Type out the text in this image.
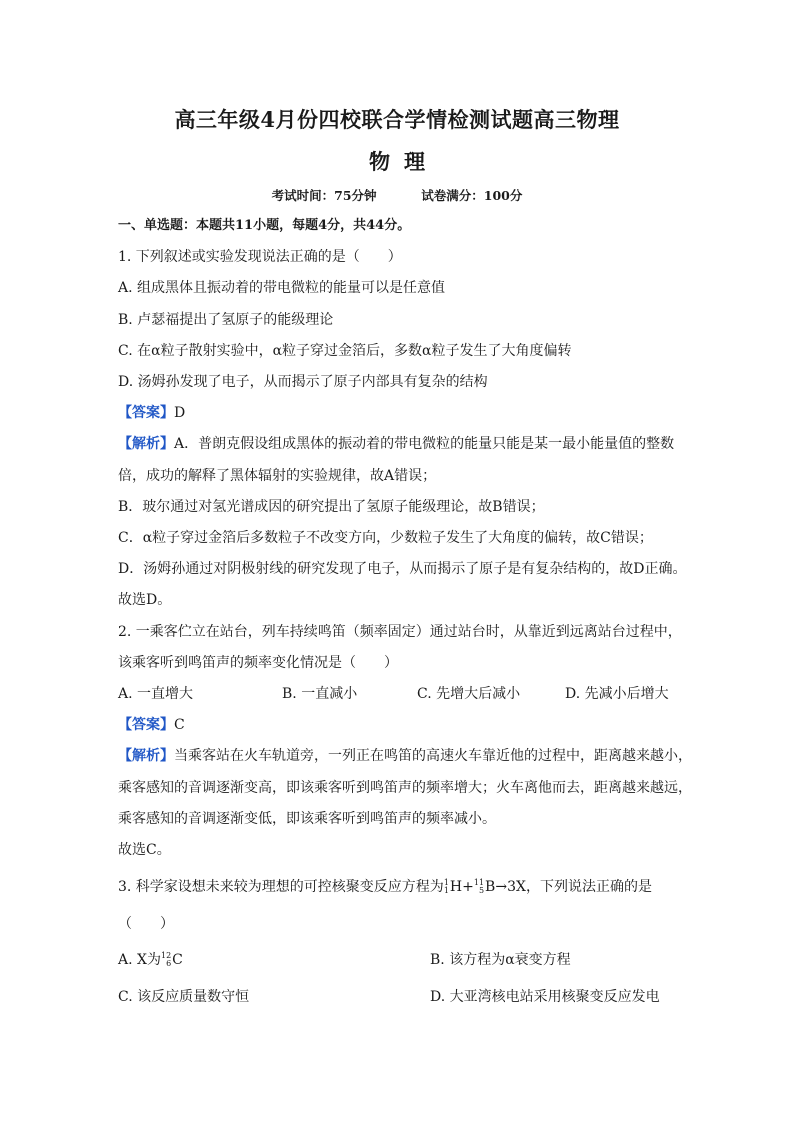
高三年级4月份四校联合学情检测试题高三物理
物理
考试时间：75分钟	试卷满分：100分
一、单选题：本题共11小题，每题4分，共44分。
1. 下列叙述或实验发现说法正确的是（　　）
A. 组成黑体且振动着的带电微粒的能量可以是任意值
B. 卢瑟福提出了氢原子的能级理论
C. 在α粒子散射实验中，α粒子穿过金箔后，多数α粒子发生了大角度偏转
D. 汤姆孙发现了电子，从而揭示了原子内部具有复杂的结构
【答案】D
【解析】A．普朗克假设组成黑体的振动着的带电微粒的能量只能是某一最小能量值的整数
倍，成功的解释了黑体辐射的实验规律，故A错误；
B．玻尔通过对氢光谱成因的研究提出了氢原子能级理论，故B错误；
C．α粒子穿过金箔后多数粒子不改变方向，少数粒子发生了大角度的偏转，故C错误；
D．汤姆孙通过对阴极射线的研究发现了电子，从而揭示了原子是有复杂结构的，故D正确。
故选D。
2. 一乘客伫立在站台，列车持续鸣笛（频率固定）通过站台时，从靠近到远离站台过程中，
该乘客听到鸣笛声的频率变化情况是（　　）
A. 一直增大	B. 一直减小	C. 先增大后减小	D. 先减小后增大
【答案】C
【解析】当乘客站在火车轨道旁，一列正在鸣笛的高速火车靠近他的过程中，距离越来越小，
乘客感知的音调逐渐变高，即该乘客听到鸣笛声的频率增大；火车离他而去，距离越来越远，
乘客感知的音调逐渐变低，即该乘客听到鸣笛声的频率减小。
故选C。
3. 科学家设想未来较为理想的可控核聚变反应方程为 1
1 H+ 11
5 B→3X，下列说法正确的是
（　　）
A. X为 12
6 C	B. 该方程为α衰变方程
C. 该反应质量数守恒	D. 大亚湾核电站采用核聚变反应发电
